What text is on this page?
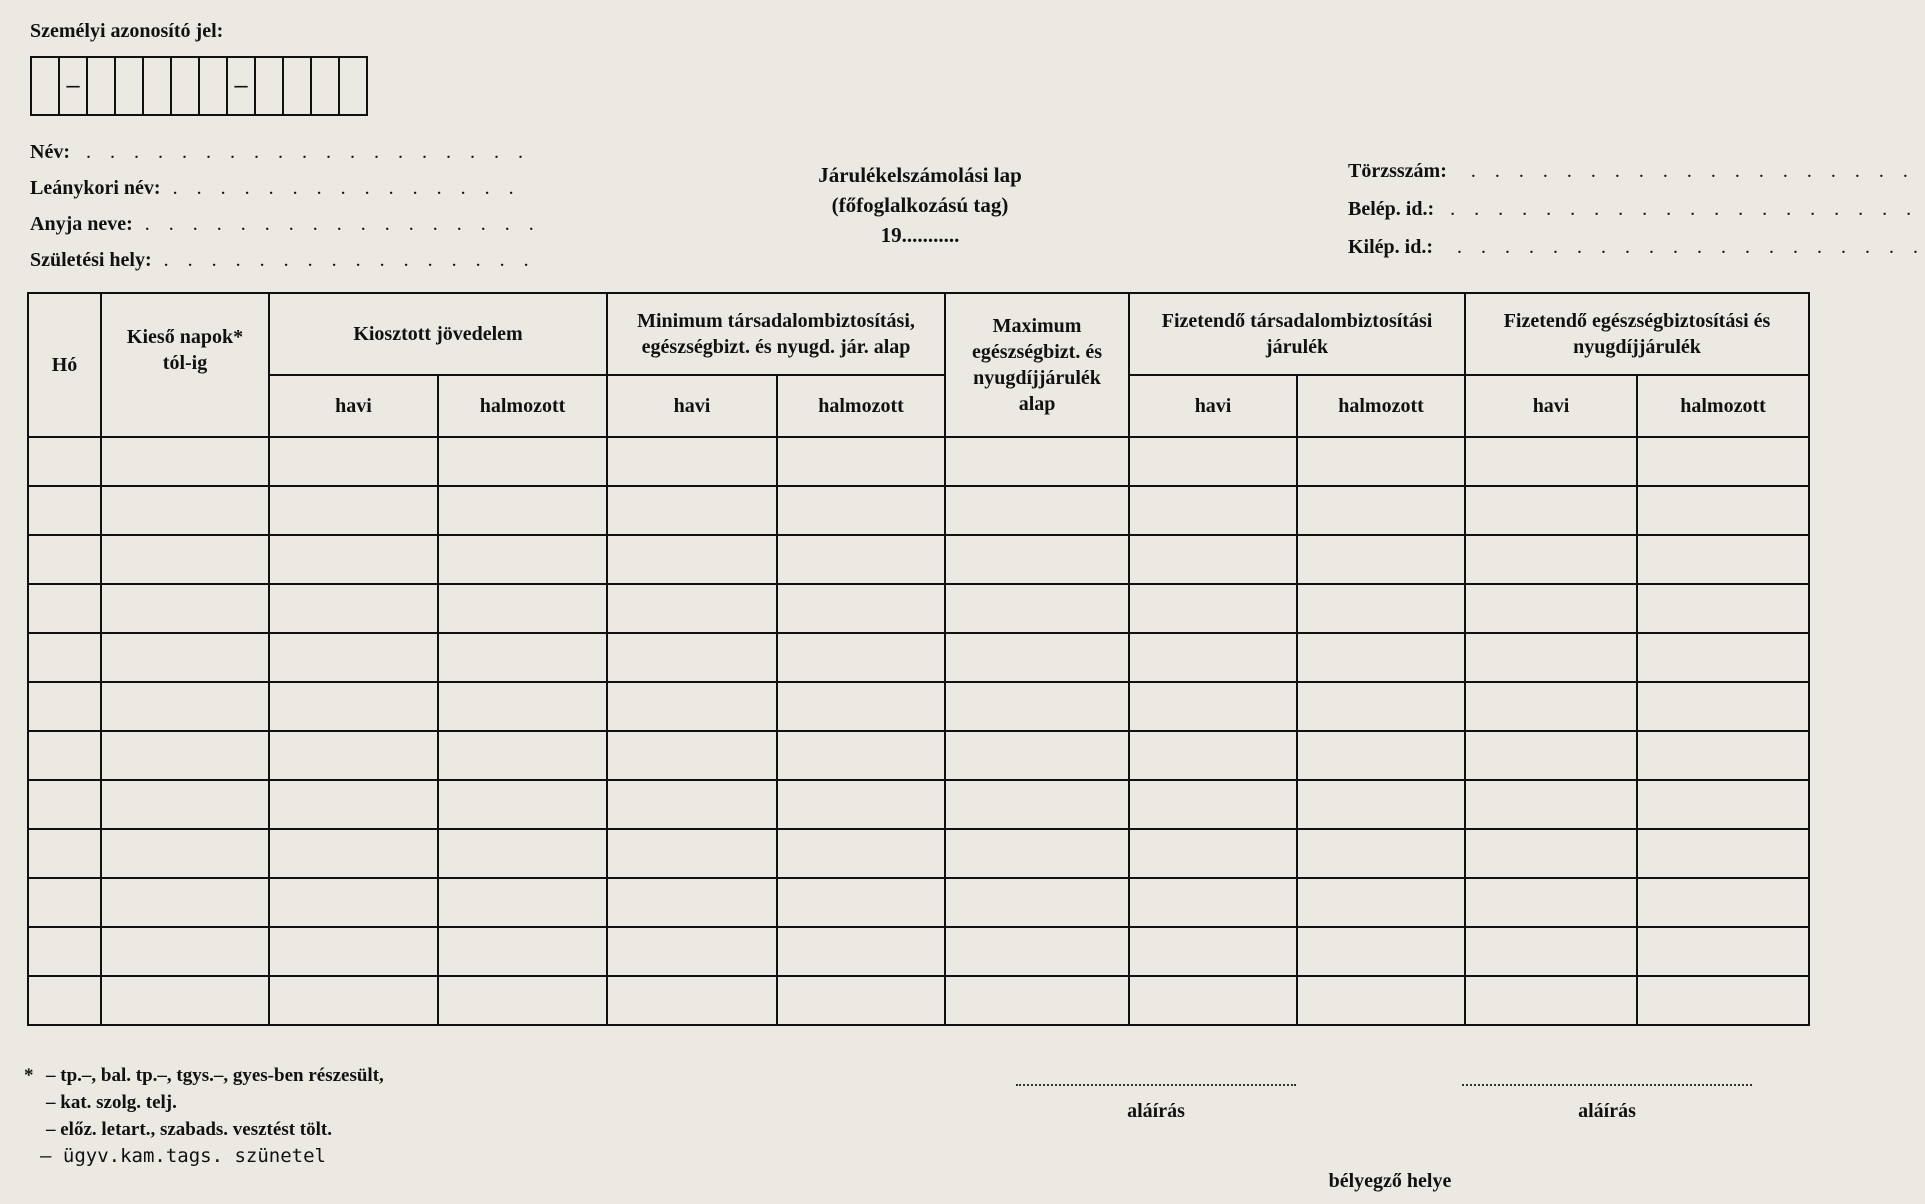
Személyi azonosító jel:
–	–
Név: . . . . . . . . . . . . . . . . . . .
Leánykori név: . . . . . . . . . . . . . . .
Anyja neve: . . . . . . . . . . . . . . . . .
Születési hely: . . . . . . . . . . . . . . . .
Járulékelszámolási lap
(főfoglalkozású tag)
19...........
Törzsszám: . . . . . . . . . . . . . . . . . . .
Belép. id.: . . . . . . . . . . . . . . . . . . . .
Kilép. id.: . . . . . . . . . . . . . . . . . . . .
Hó	Kieső napok* tól-ig	Kiosztott jövedelem		Minimum társadalombiztosítási, egészségbizt. és nyugd. jár. alap		Maximum egészségbizt. és nyugdíjjárulék alap	Fizetendő társadalombiztosítási járulék		Fizetendő egészségbiztosítási és nyugdíjjárulék	
		havi	halmozott	havi	halmozott		havi	halmozott	havi	halmozott

* – tp.–, bal. tp.–, tgys.–, gyes-ben részesült,
– kat. szolg. telj.
– előz. letart., szabads. vesztést tölt.
– ügyv.kam.tags. szünetel
aláírás	aláírás
bélyegző helye
